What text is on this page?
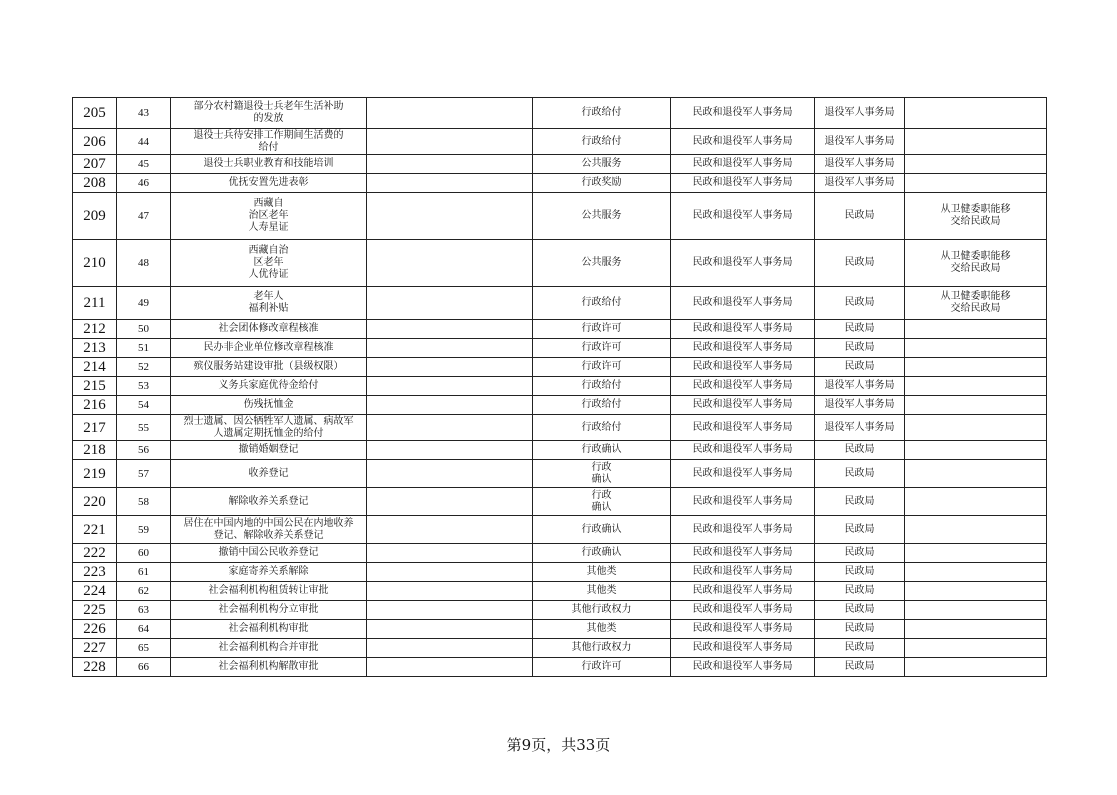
205	43	部分农村籍退役士兵老年生活补助
的发放		行政给付	民政和退役军人事务局	退役军人事务局	

206	44	退役士兵待安排工作期间生活费的
给付		行政给付	民政和退役军人事务局	退役军人事务局	

207	45	退役士兵职业教育和技能培训		公共服务	民政和退役军人事务局	退役军人事务局	

208	46	优抚安置先进表彰		行政奖励	民政和退役军人事务局	退役军人事务局	

209	47	西藏自
治区老年
人寿星证		公共服务	民政和退役军人事务局	民政局	从卫健委职能移
交给民政局

210	48	西藏自治
区老年
人优待证		公共服务	民政和退役军人事务局	民政局	从卫健委职能移
交给民政局

211	49	老年人
福利补贴		行政给付	民政和退役军人事务局	民政局	从卫健委职能移
交给民政局

212	50	社会团体修改章程核准		行政许可	民政和退役军人事务局	民政局	

213	51	民办非企业单位修改章程核准		行政许可	民政和退役军人事务局	民政局	

214	52	殡仪服务站建设审批（县级权限）		行政许可	民政和退役军人事务局	民政局	

215	53	义务兵家庭优待金给付		行政给付	民政和退役军人事务局	退役军人事务局	

216	54	伤残抚恤金		行政给付	民政和退役军人事务局	退役军人事务局	

217	55	烈士遗属、因公牺牲军人遗属、病故军
人遗属定期抚恤金的给付		行政给付	民政和退役军人事务局	退役军人事务局	

218	56	撤销婚姻登记		行政确认	民政和退役军人事务局	民政局	

219	57	收养登记		行政
确认	民政和退役军人事务局	民政局	

220	58	解除收养关系登记		行政
确认	民政和退役军人事务局	民政局	

221	59	居住在中国内地的中国公民在内地收养
登记、解除收养关系登记		行政确认	民政和退役军人事务局	民政局	

222	60	撤销中国公民收养登记		行政确认	民政和退役军人事务局	民政局	

223	61	家庭寄养关系解除		其他类	民政和退役军人事务局	民政局	

224	62	社会福利机构租赁转让审批		其他类	民政和退役军人事务局	民政局	

225	63	社会福利机构分立审批		其他行政权力	民政和退役军人事务局	民政局	

226	64	社会福利机构审批		其他类	民政和退役军人事务局	民政局	

227	65	社会福利机构合并审批		其他行政权力	民政和退役军人事务局	民政局	

228	66	社会福利机构解散审批		行政许可	民政和退役军人事务局	民政局	

第9页，共33页
